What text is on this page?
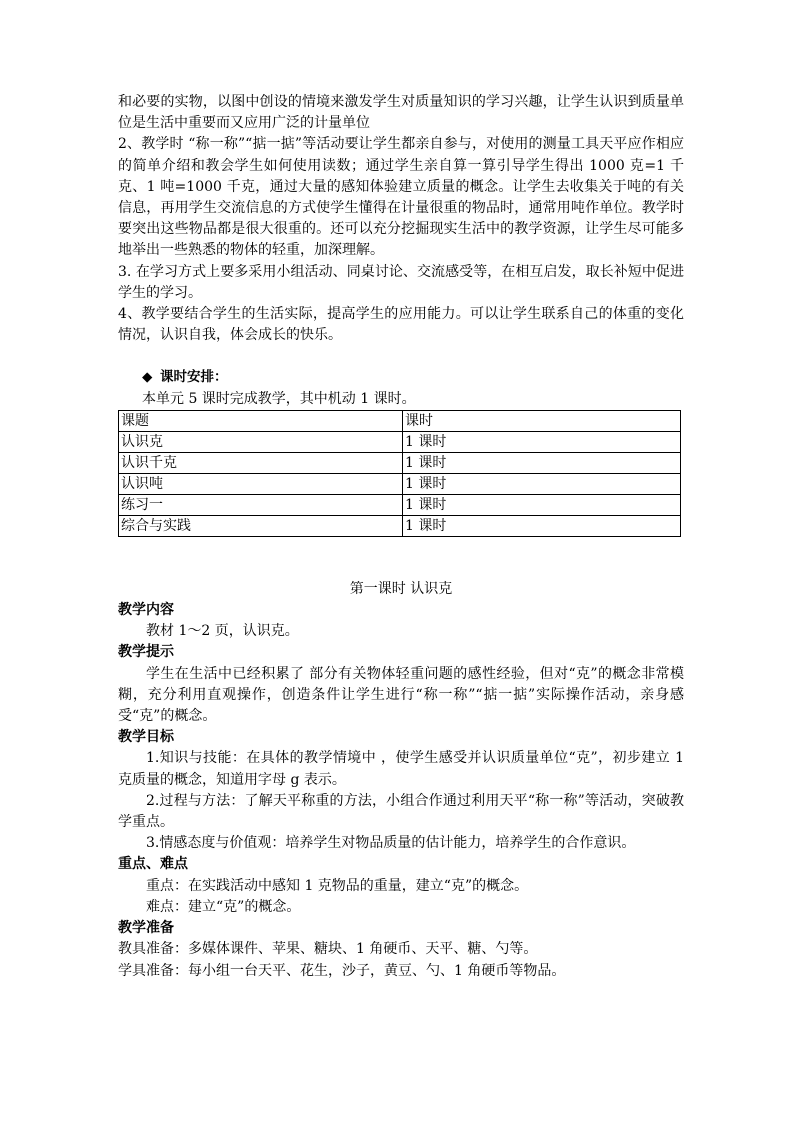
和必要的实物，以图中创设的情境来激发学生对质量知识的学习兴趣，让学生认识到质量单位是生活中重要而又应用广泛的计量单位

2、教学时 “称一称”“掂一掂”等活动要让学生都亲自参与，对使用的测量工具天平应作相应的简单介绍和教会学生如何使用读数；通过学生亲自算一算引导学生得出 1000 克=1 千克、1 吨=1000 千克，通过大量的感知体验建立质量的概念。让学生去收集关于吨的有关信息，再用学生交流信息的方式使学生懂得在计量很重的物品时，通常用吨作单位。教学时要突出这些物品都是很大很重的。还可以充分挖掘现实生活中的教学资源，让学生尽可能多地举出一些熟悉的物体的轻重，加深理解。

3. 在学习方式上要多采用小组活动、同桌讨论、交流感受等，在相互启发，取长补短中促进学生的学习。

4、教学要结合学生的生活实际，提高学生的应用能力。可以让学生联系自己的体重的变化情况，认识自我，体会成长的快乐。

◆ 课时安排：

本单元 5 课时完成教学，其中机动 1 课时。

课题	课时
认识克	1 课时
认识千克	1 课时
认识吨	1 课时
练习一	1 课时
综合与实践	1 课时

第一课时 认识克

教学内容

教材 1～2 页，认识克。

教学提示

学生在生活中已经积累了 部分有关物体轻重问题的感性经验，但对“克”的概念非常模糊，充分利用直观操作，创造条件让学生进行“称一称”“掂一掂”实际操作活动，亲身感受“克”的概念。

教学目标

1.知识与技能：在具体的教学情境中 ，使学生感受并认识质量单位“克”，初步建立 1 克质量的概念，知道用字母 g 表示。

2.过程与方法：了解天平称重的方法，小组合作通过利用天平“称一称”等活动，突破教学重点。

3.情感态度与价值观：培养学生对物品质量的估计能力，培养学生的合作意识。

重点、难点

重点：在实践活动中感知 1 克物品的重量，建立“克”的概念。

难点：建立“克”的概念。

教学准备

教具准备：多媒体课件、苹果、糖块、1 角硬币、天平、糖、勺等。

学具准备：每小组一台天平、花生，沙子，黄豆、勺、1 角硬币等物品。
